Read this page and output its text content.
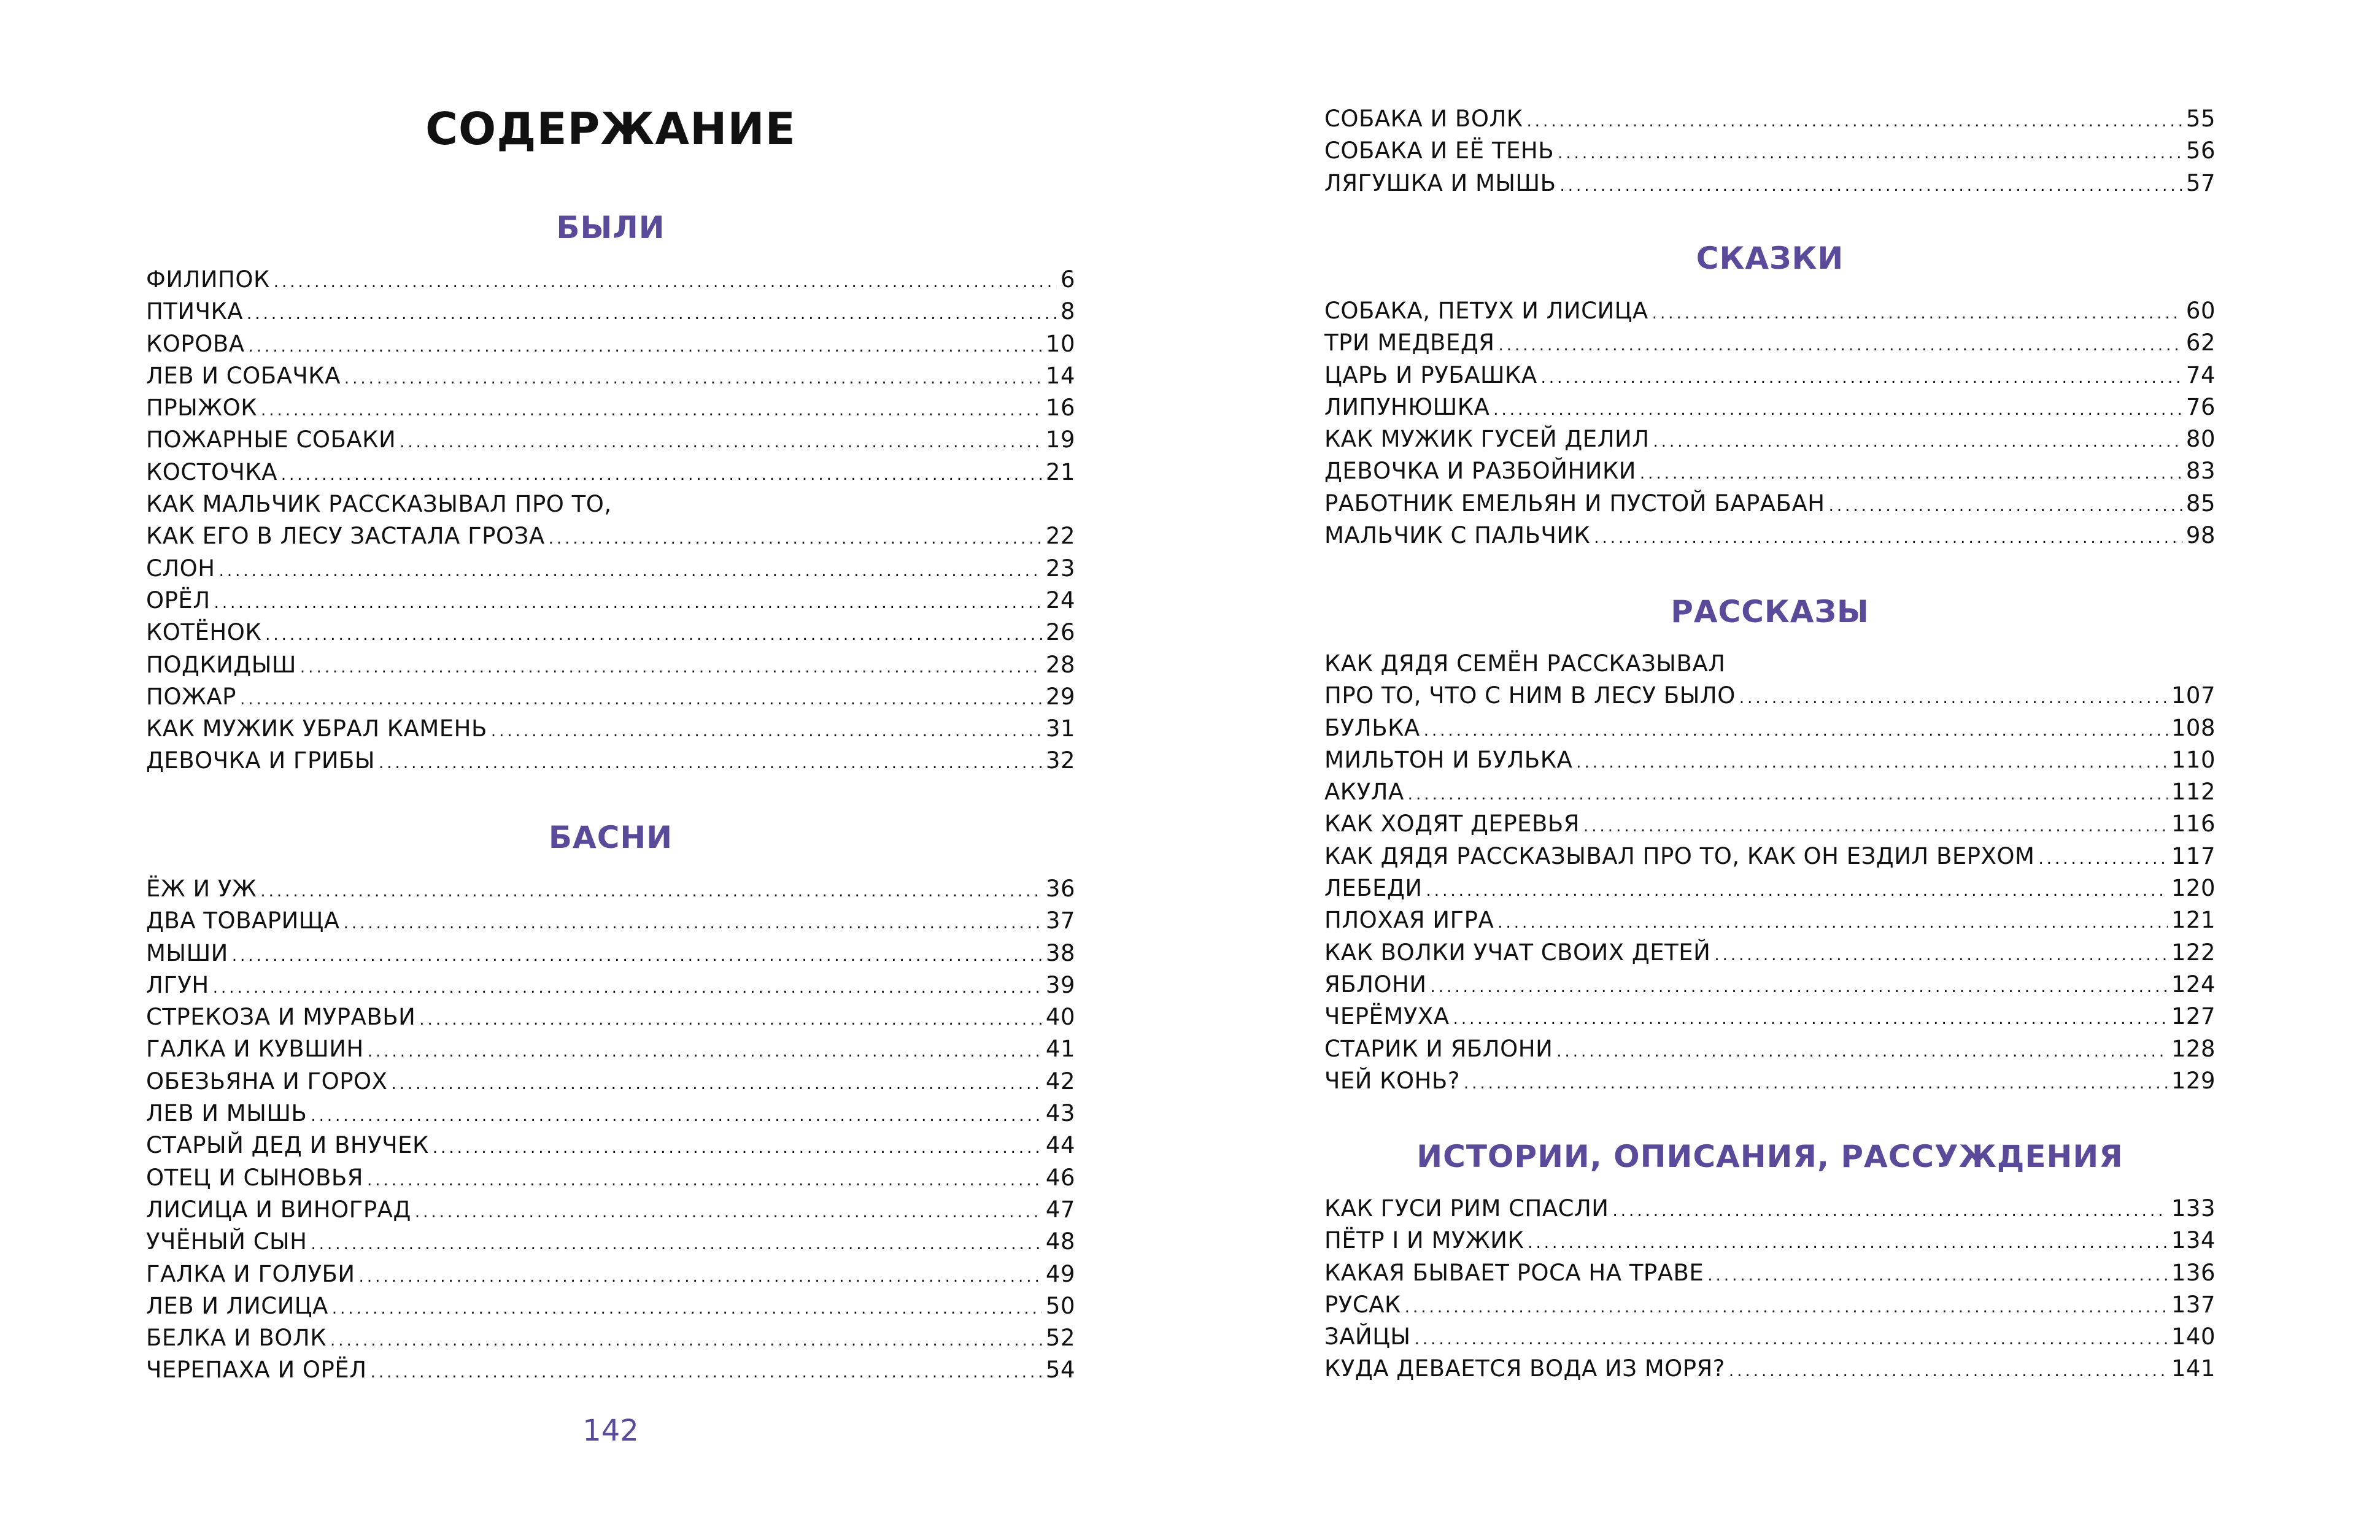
СОДЕРЖАНИЕ
БЫЛИ
ФИЛИПОК .....	6
ПТИЧКА .....	8
КОРОВА .....	10
ЛЕВ И СОБАЧКА .....	14
ПРЫЖОК .....	16
ПОЖАРНЫЕ СОБАКИ .....	19
КОСТОЧКА .....	21
КАК МАЛЬЧИК РАССКАЗЫВАЛ ПРО ТО,
КАК ЕГО В ЛЕСУ ЗАСТАЛА ГРОЗА .....	22
СЛОН .....	23
ОРЁЛ .....	24
КОТЁНОК .....	26
ПОДКИДЫШ .....	28
ПОЖАР .....	29
КАК МУЖИК УБРАЛ КАМЕНЬ .....	31
ДЕВОЧКА И ГРИБЫ .....	32
БАСНИ
ЁЖ И УЖ .....	36
ДВА ТОВАРИЩА .....	37
МЫШИ .....	38
ЛГУН .....	39
СТРЕКОЗА И МУРАВЬИ .....	40
ГАЛКА И КУВШИН .....	41
ОБЕЗЬЯНА И ГОРОХ .....	42
ЛЕВ И МЫШЬ .....	43
СТАРЫЙ ДЕД И ВНУЧЕК .....	44
ОТЕЦ И СЫНОВЬЯ .....	46
ЛИСИЦА И ВИНОГРАД .....	47
УЧЁНЫЙ СЫН .....	48
ГАЛКА И ГОЛУБИ .....	49
ЛЕВ И ЛИСИЦА .....	50
БЕЛКА И ВОЛК .....	52
ЧЕРЕПАХА И ОРЁЛ .....	54
142
СОБАКА И ВОЛК .....	55
СОБАКА И ЕЁ ТЕНЬ .....	56
ЛЯГУШКА И МЫШЬ .....	57
СКАЗКИ
СОБАКА, ПЕТУХ И ЛИСИЦА .....	60
ТРИ МЕДВЕДЯ .....	62
ЦАРЬ И РУБАШКА .....	74
ЛИПУНЮШКА .....	76
КАК МУЖИК ГУСЕЙ ДЕЛИЛ .....	80
ДЕВОЧКА И РАЗБОЙНИКИ .....	83
РАБОТНИК ЕМЕЛЬЯН И ПУСТОЙ БАРАБАН .....	85
МАЛЬЧИК С ПАЛЬЧИК .....	98
РАССКАЗЫ
КАК ДЯДЯ СЕМЁН РАССКАЗЫВАЛ
ПРО ТО, ЧТО С НИМ В ЛЕСУ БЫЛО .....	107
БУЛЬКА .....	108
МИЛЬТОН И БУЛЬКА .....	110
АКУЛА .....	112
КАК ХОДЯТ ДЕРЕВЬЯ .....	116
КАК ДЯДЯ РАССКАЗЫВАЛ ПРО ТО, КАК ОН ЕЗДИЛ ВЕРХОМ .....	117
ЛЕБЕДИ .....	120
ПЛОХАЯ ИГРА .....	121
КАК ВОЛКИ УЧАТ СВОИХ ДЕТЕЙ .....	122
ЯБЛОНИ .....	124
ЧЕРЁМУХА .....	127
СТАРИК И ЯБЛОНИ .....	128
ЧЕЙ КОНЬ? .....	129
ИСТОРИИ, ОПИСАНИЯ, РАССУЖДЕНИЯ
КАК ГУСИ РИМ СПАСЛИ .....	133
ПЁТР I И МУЖИК .....	134
КАКАЯ БЫВАЕТ РОСА НА ТРАВЕ .....	136
РУСАК .....	137
ЗАЙЦЫ .....	140
КУДА ДЕВАЕТСЯ ВОДА ИЗ МОРЯ? .....	141
